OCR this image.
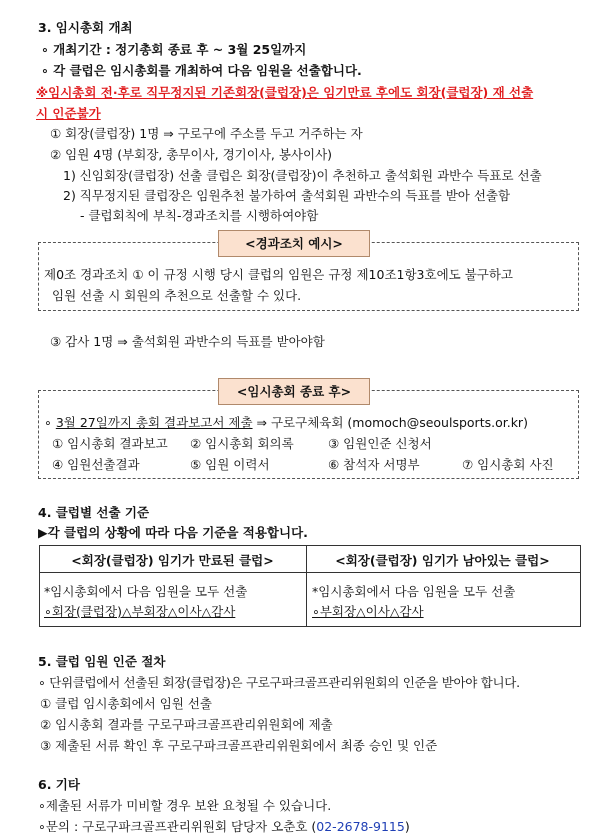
3. 임시총회 개최
∘ 개최기간 : 정기총회 종료 후 ~ 3월 25일까지
∘ 각 클럽은 임시총회를 개최하여 다음 임원을 선출합니다.
※임시총회 전·후로 직무정지된 기존회장(클럽장)은 임기만료 후에도 회장(클럽장) 재 선출
시 인준불가
① 회장(클럽장) 1명 ⇒ 구로구에 주소를 두고 거주하는 자
② 임원 4명 (부회장, 총무이사, 경기이사, 봉사이사)
1) 신임회장(클럽장) 선출 클럽은 회장(클럽장)이 추천하고 출석회원 과반수 득표로 선출
2) 직무정지된 클럽장은 임원추천 불가하여 출석회원 과반수의 득표를 받아 선출함
- 클럽회칙에 부칙-경과조치를 시행하여야함
<경과조치 예시>
제0조 경과조치 ① 이 규정 시행 당시 클럽의 임원은 규정 제10조1항3호에도 불구하고
임원 선출 시 회원의 추천으로 선출할 수 있다.
③ 감사 1명 ⇒ 출석회원 과반수의 득표를 받아야함
<임시총회 종료 후>
∘ 3월 27일까지 총회 결과보고서 제출 ⇒ 구로구체육회 (momoch@seoulsports.or.kr)
① 임시총회 결과보고 ② 임시총회 회의록	③ 임원인준 신청서
④ 임원선출결과	⑤ 임원 이력서	⑥ 참석자 서명부	⑦ 임시총회 사진
4. 클럽별 선출 기준
▶각 클럽의 상황에 따라 다음 기준을 적용합니다.
<회장(클럽장) 임기가 만료된 클럽>	<회장(클럽장) 임기가 남아있는 클럽>
*임시총회에서 다음 임원을 모두 선출
∘회장(클럽장)△부회장△이사△감사
*임시총회에서 다음 임원을 모두 선출
∘부회장△이사△감사
5. 클럽 임원 인준 절차
∘ 단위클럽에서 선출된 회장(클럽장)은 구로구파크골프관리위원회의 인준을 받아야 합니다.
① 클럽 임시총회에서 임원 선출
② 임시총회 결과를 구로구파크골프관리위원회에 제출
③ 제출된 서류 확인 후 구로구파크골프관리위원회에서 최종 승인 및 인준
6. 기타
∘제출된 서류가 미비할 경우 보완 요청될 수 있습니다.
∘문의 : 구로구파크골프관리위원회 담당자 오춘호 (02-2678-9115)
